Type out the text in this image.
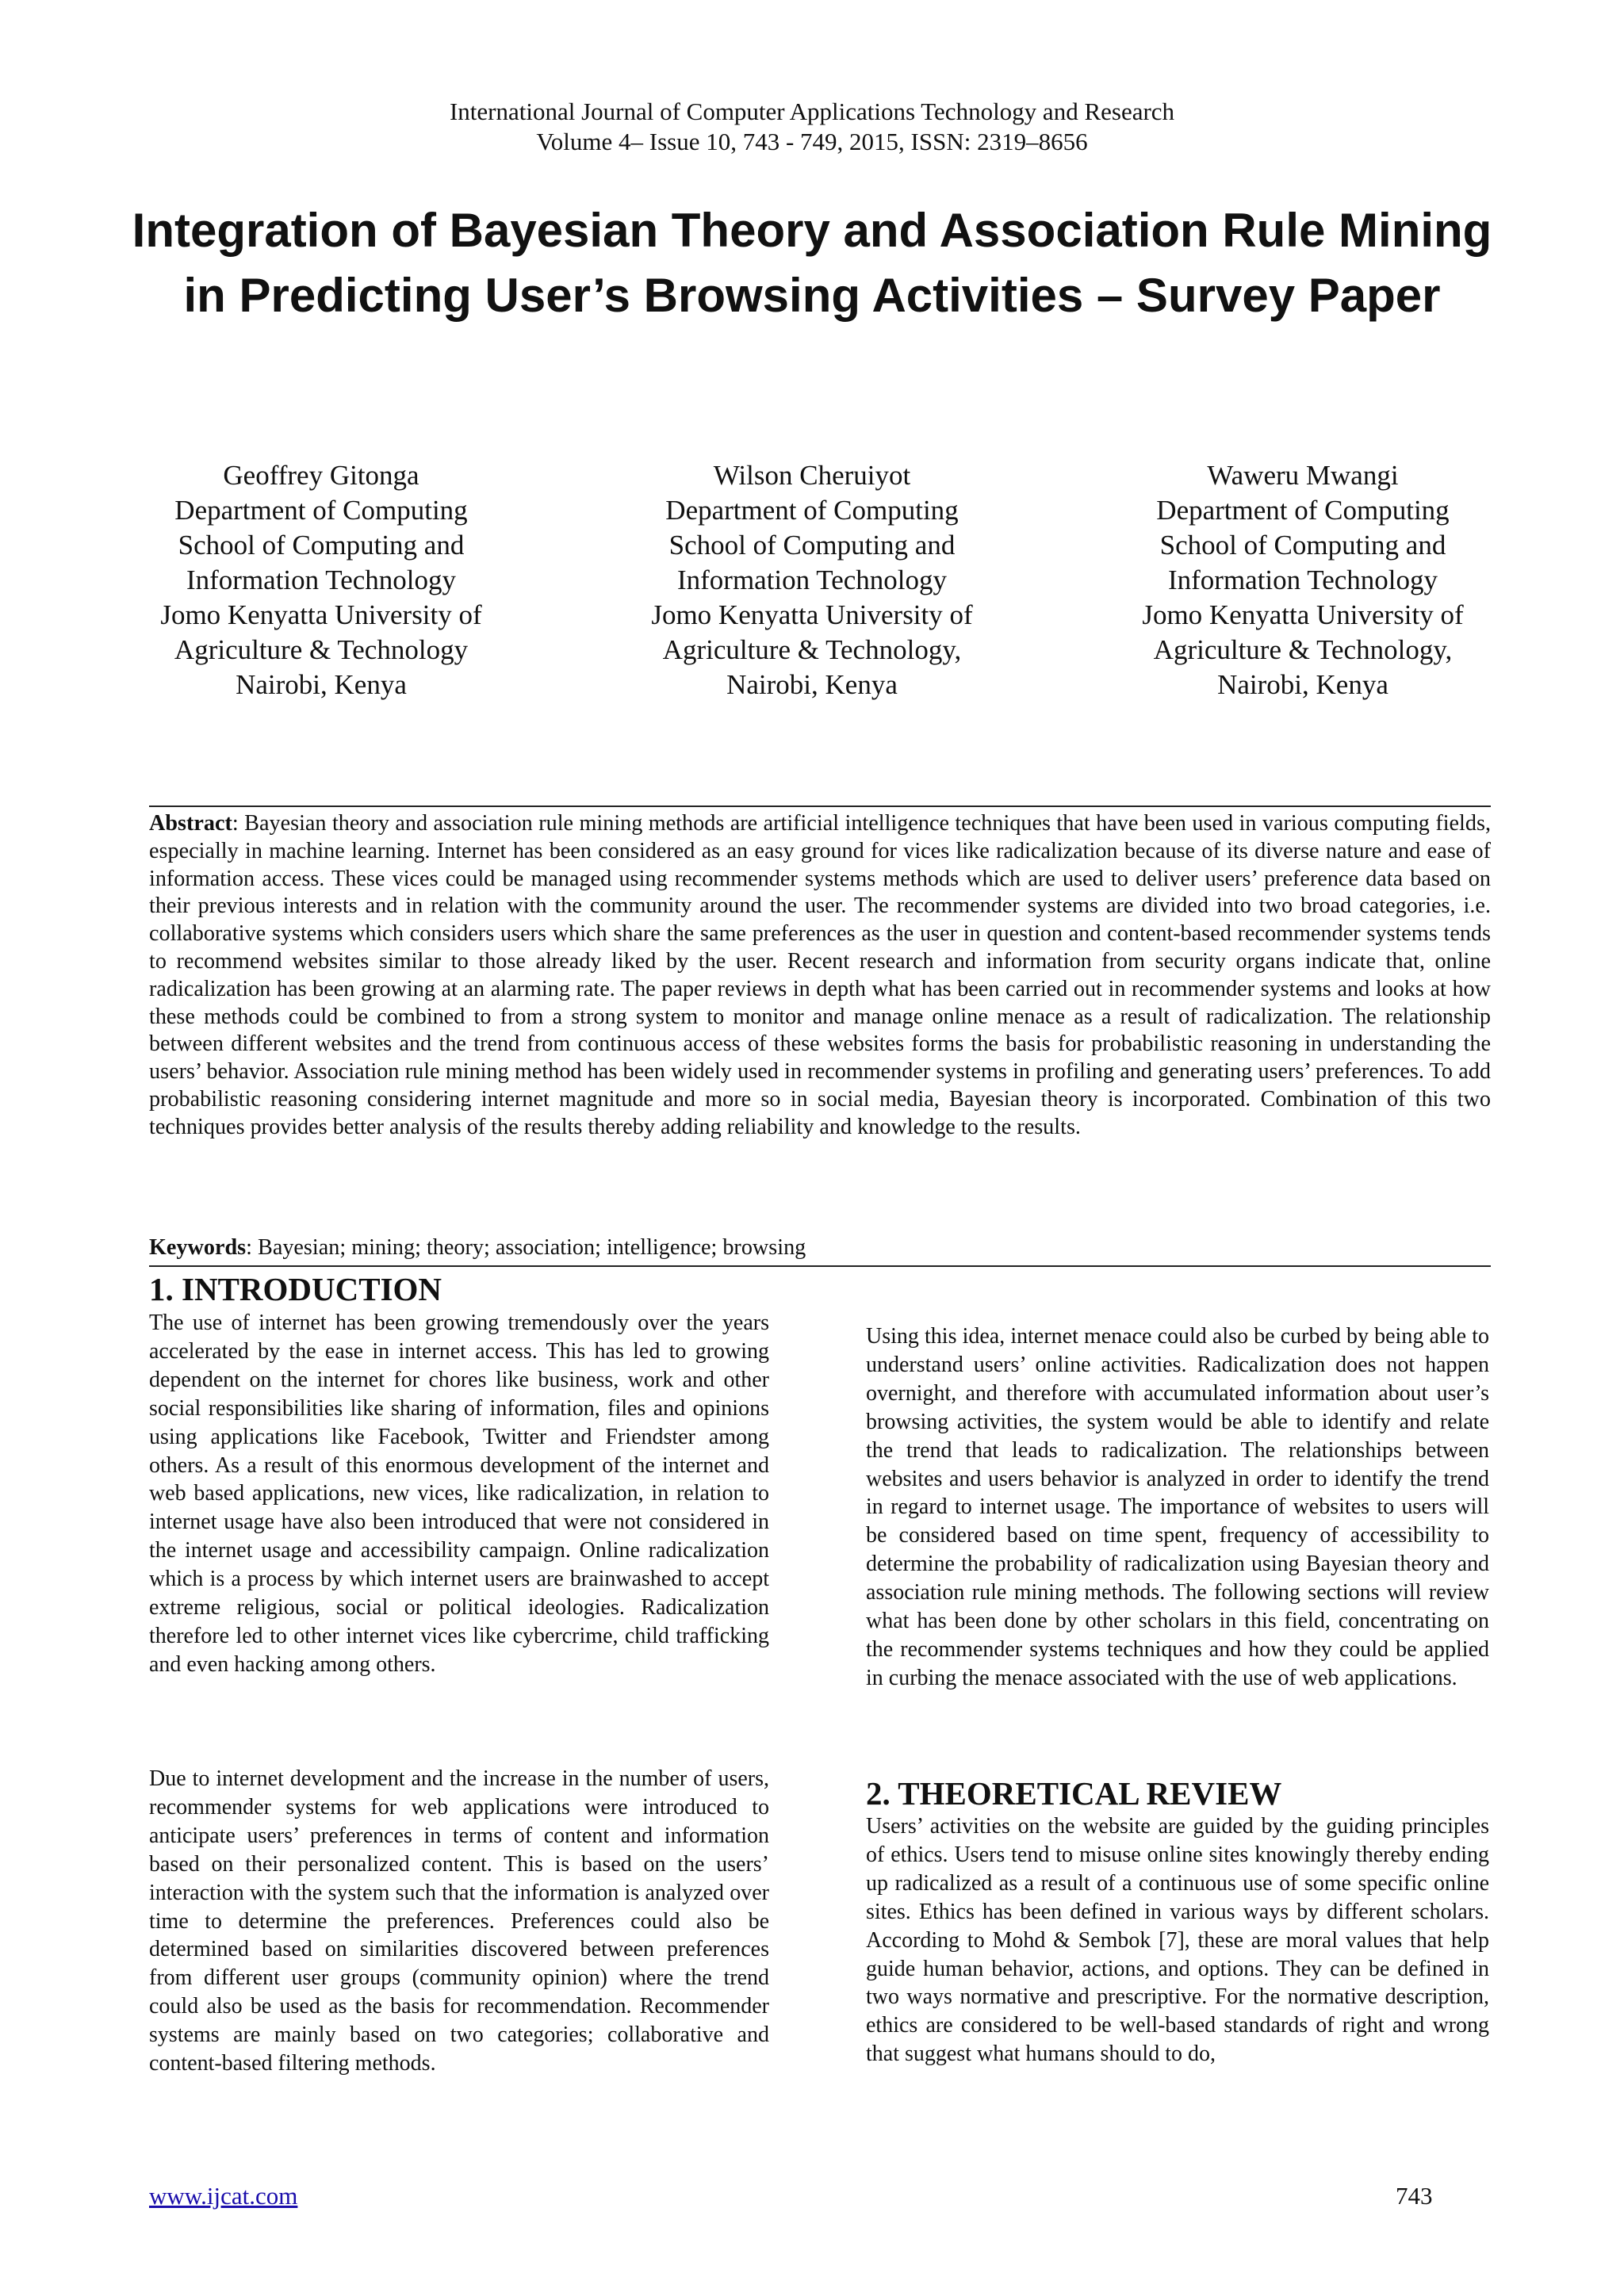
International Journal of Computer Applications Technology and Research
Volume 4– Issue 10, 743 - 749, 2015, ISSN: 2319–8656
Integration of Bayesian Theory and Association Rule Mining in Predicting User’s Browsing Activities – Survey Paper
Geoffrey Gitonga
Department of Computing
School of Computing and
Information Technology
Jomo Kenyatta University of
Agriculture & Technology
Nairobi, Kenya
Wilson Cheruiyot
Department of Computing
School of Computing and
Information Technology
Jomo Kenyatta University of
Agriculture & Technology,
Nairobi, Kenya
Waweru Mwangi
Department of Computing
School of Computing and
Information Technology
Jomo Kenyatta University of
Agriculture & Technology,
Nairobi, Kenya

Abstract: Bayesian theory and association rule mining methods are artificial intelligence techniques that have been used in various computing fields, especially in machine learning. Internet has been considered as an easy ground for vices like radicalization because of its diverse nature and ease of information access. These vices could be managed using recommender systems methods which are used to deliver users’ preference data based on their previous interests and in relation with the community around the user. The recommender systems are divided into two broad categories, i.e. collaborative systems which considers users which share the same preferences as the user in question and content-based recommender systems tends to recommend websites similar to those already liked by the user. Recent research and information from security organs indicate that, online radicalization has been growing at an alarming rate. The paper reviews in depth what has been carried out in recommender systems and looks at how these methods could be combined to from a strong system to monitor and manage online menace as a result of radicalization. The relationship between different websites and the trend from continuous access of these websites forms the basis for probabilistic reasoning in understanding the users’ behavior. Association rule mining method has been widely used in recommender systems in profiling and generating users’ preferences. To add probabilistic reasoning considering internet magnitude and more so in social media, Bayesian theory is incorporated. Combination of this two techniques provides better analysis of the results thereby adding reliability and knowledge to the results.

Keywords: Bayesian; mining; theory; association; intelligence; browsing

1. INTRODUCTION

The use of internet has been growing tremendously over the years accelerated by the ease in internet access. This has led to growing dependent on the internet for chores like business, work and other social responsibilities like sharing of information, files and opinions using applications like Facebook, Twitter and Friendster among others. As a result of this enormous development of the internet and web based applications, new vices, like radicalization, in relation to internet usage have also been introduced that were not considered in the internet usage and accessibility campaign. Online radicalization which is a process by which internet users are brainwashed to accept extreme religious, social or political ideologies. Radicalization therefore led to other internet vices like cybercrime, child trafficking and even hacking among others.

Due to internet development and the increase in the number of users, recommender systems for web applications were introduced to anticipate users’ preferences in terms of content and information based on their personalized content. This is based on the users’ interaction with the system such that the information is analyzed over time to determine the preferences. Preferences could also be determined based on similarities discovered between preferences from different user groups (community opinion) where the trend could also be used as the basis for recommendation. Recommender systems are mainly based on two categories; collaborative and content-based filtering methods.

Using this idea, internet menace could also be curbed by being able to understand users’ online activities. Radicalization does not happen overnight, and therefore with accumulated information about user’s browsing activities, the system would be able to identify and relate the trend that leads to radicalization. The relationships between websites and users behavior is analyzed in order to identify the trend in regard to internet usage. The importance of websites to users will be considered based on time spent, frequency of accessibility to determine the probability of radicalization using Bayesian theory and association rule mining methods. The following sections will review what has been done by other scholars in this field, concentrating on the recommender systems techniques and how they could be applied in curbing the menace associated with the use of web applications.

2. THEORETICAL REVIEW

Users’ activities on the website are guided by the guiding principles of ethics. Users tend to misuse online sites knowingly thereby ending up radicalized as a result of a continuous use of some specific online sites. Ethics has been defined in various ways by different scholars. According to Mohd & Sembok [7], these are moral values that help guide human behavior, actions, and options. They can be defined in two ways normative and prescriptive. For the normative description, ethics are considered to be well-based standards of right and wrong that suggest what humans should to do,

www.ijcat.com	743
